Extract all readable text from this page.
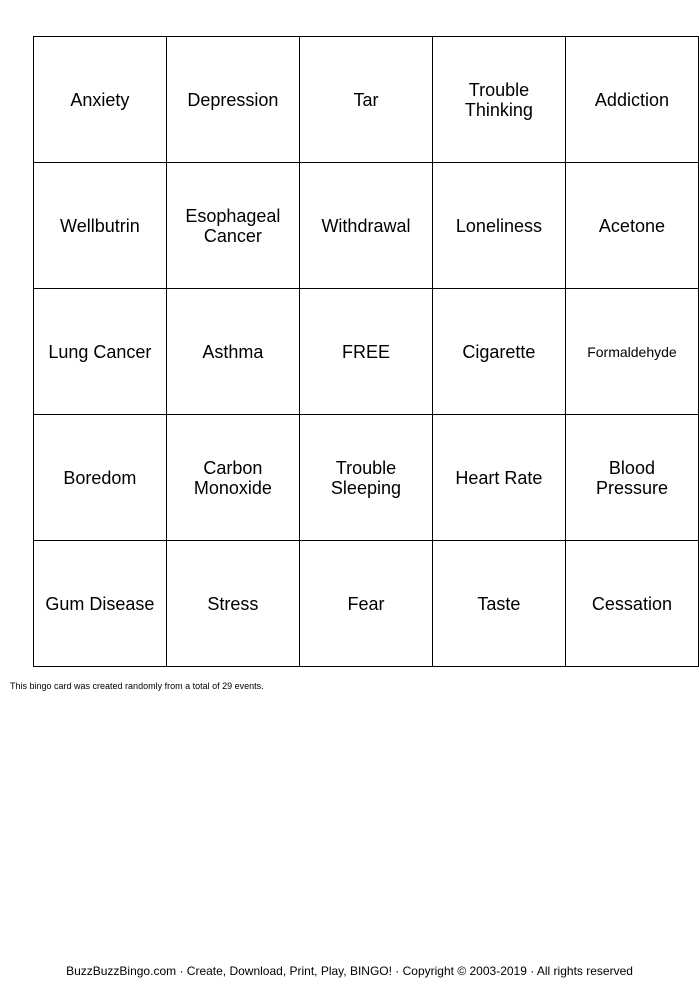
Anxiety	Depression	Tar	Trouble Thinking	Addiction
Wellbutrin	Esophageal Cancer	Withdrawal	Loneliness	Acetone
Lung Cancer	Asthma	FREE	Cigarette	Formaldehyde
Boredom	Carbon Monoxide	Trouble Sleeping	Heart Rate	Blood Pressure
Gum Disease	Stress	Fear	Taste	Cessation
This bingo card was created randomly from a total of 29 events.
BuzzBuzzBingo.com · Create, Download, Print, Play, BINGO! · Copyright © 2003-2019 · All rights reserved
